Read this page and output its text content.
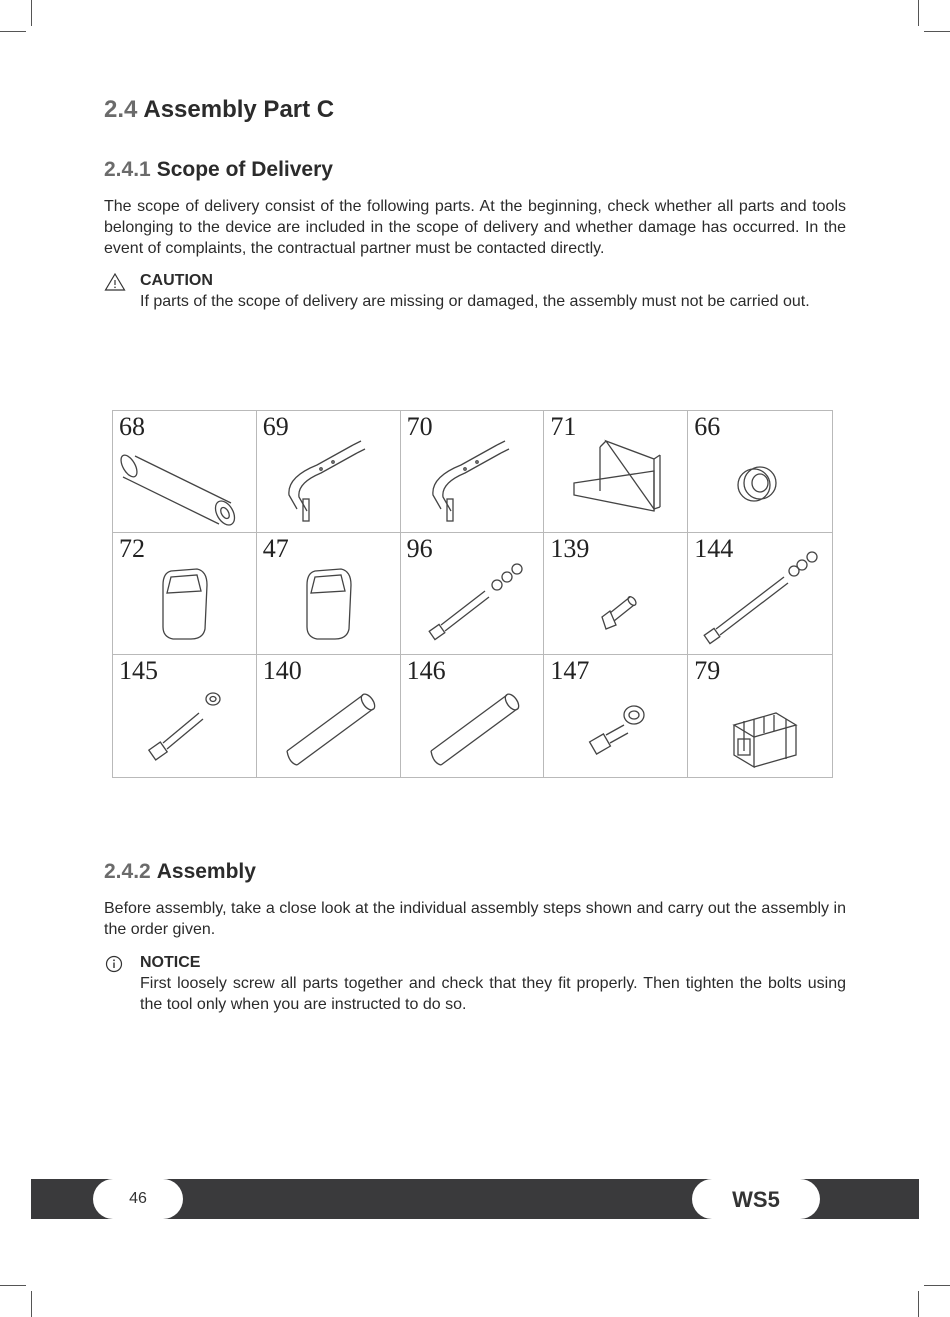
2.4 Assembly Part C
2.4.1 Scope of Delivery

The scope of delivery consist of the following parts. At the beginning, check whether all parts and tools belonging to the device are included in the scope of delivery and whether damage has occurred. In the event of complaints, the contractual partner must be contacted directly.

CAUTION
If parts of the scope of delivery are missing or damaged, the assembly must not be carried out.
68	69	70	71	66
72	47	96	139	144
145	140	146	147	79
2.4.2 Assembly

Before assembly, take a close look at the individual assembly steps shown and carry out the assembly in the order given.

NOTICE
First loosely screw all parts together and check that they fit properly. Then tighten the bolts using the tool only when you are instructed to do so.
46	WS5
